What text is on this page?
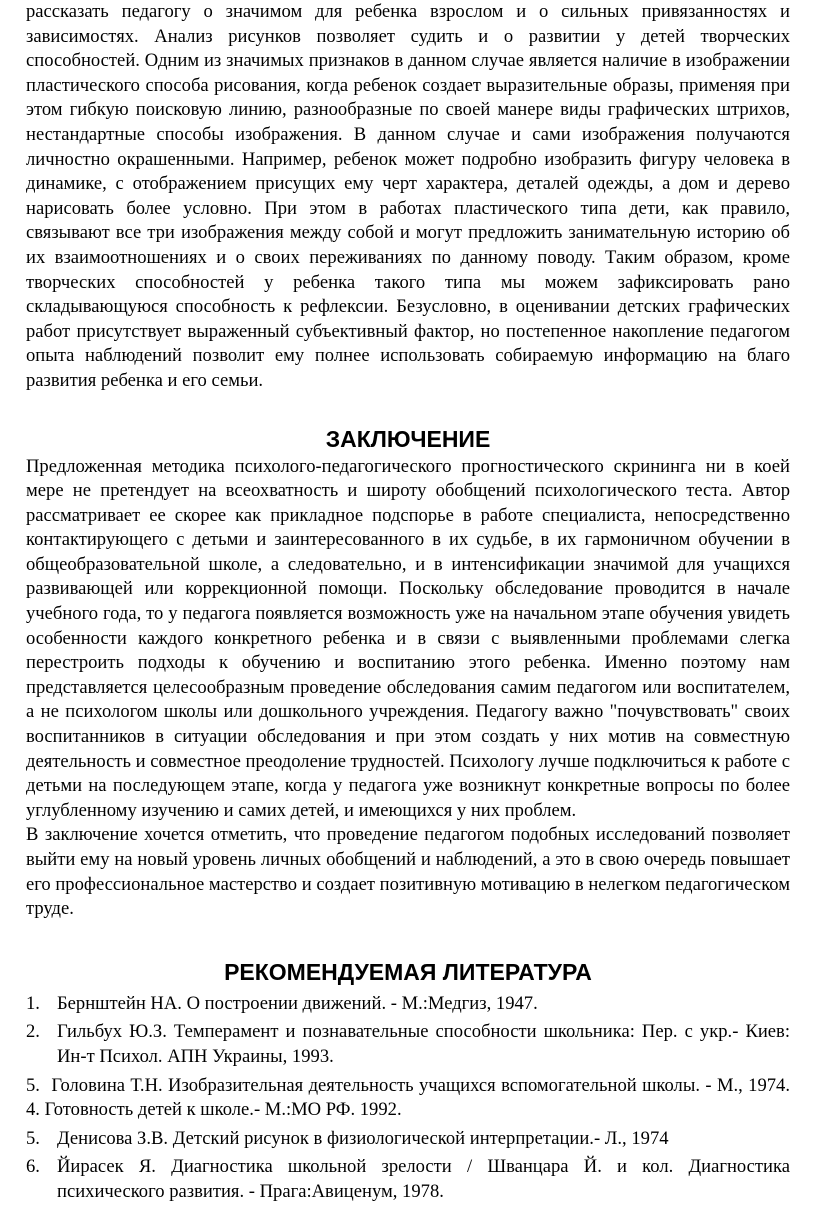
рассказать педагогу о значимом для ребенка взрослом и о сильных привязанностях и зависимостях. Анализ рисунков позволяет судить и о развитии у детей творческих способностей. Одним из значимых признаков в данном случае является наличие в изображении пластического способа рисования, когда ребенок создает выразительные образы, применяя при этом гибкую поисковую линию, разнообразные по своей манере виды графических штрихов, нестандартные способы изображения. В данном случае и сами изображения получаются личностно окрашенными. Например, ребенок может подробно изобразить фигуру человека в динамике, с отображением присущих ему черт характера, деталей одежды, а дом и дерево нарисовать более условно. При этом в работах пластического типа дети, как правило, связывают все три изображения между собой и могут предложить занимательную историю об их взаимоотношениях и о своих переживаниях по данному поводу. Таким образом, кроме творческих способностей у ребенка такого типа мы можем зафиксировать рано складывающуюся способность к рефлексии. Безусловно, в оценивании детских графических работ присутствует выраженный субъективный фактор, но постепенное накопление педагогом опыта наблюдений позволит ему полнее использовать собираемую информацию на благо развития ребенка и его семьи.

ЗАКЛЮЧЕНИЕ

Предложенная методика психолого-педагогического прогностического скрининга ни в коей мере не претендует на всеохватность и широту обобщений психологического теста. Автор рассматривает ее скорее как прикладное подспорье в работе специалиста, непосредственно контактирующего с детьми и заинтересованного в их судьбе, в их гармоничном обучении в общеобразовательной школе, а следовательно, и в интенсификации значимой для учащихся развивающей или коррекционной помощи. Поскольку обследование проводится в начале учебного года, то у педагога появляется возможность уже на начальном этапе обучения увидеть особенности каждого конкретного ребенка и в связи с выявленными проблемами слегка перестроить подходы к обучению и воспитанию этого ребенка. Именно поэтому нам представляется целесообразным проведение обследования самим педагогом или воспитателем, а не психологом школы или дошкольного учреждения. Педагогу важно "почувствовать" своих воспитанников в ситуации обследования и при этом создать у них мотив на совместную деятельность и совместное преодоление трудностей. Психологу лучше подключиться к работе с детьми на последующем этапе, когда у педагога уже возникнут конкретные вопросы по более углубленному изучению и самих детей, и имеющихся у них проблем.

В заключение хочется отметить, что проведение педагогом подобных исследований позволяет выйти ему на новый уровень личных обобщений и наблюдений, а это в свою очередь повышает его профессиональное мастерство и создает позитивную мотивацию в нелегком педагогическом труде.

РЕКОМЕНДУЕМАЯ ЛИТЕРАТУРА
1. Бернштейн НА. О построении движений. - М.:Медгиз, 1947.
2. Гильбух Ю.З. Темперамент и познавательные способности школьника: Пер. с укр.- Киев: Ин-т Психол. АПН Украины, 1993.
5. Головина Т.Н. Изобразительная деятельность учащихся вспомогательной школы. - М., 1974. 4. Готовность детей к школе.- М.:МО РФ. 1992.
5. Денисова З.В. Детский рисунок в физиологической интерпретации.- Л., 1974
6. Йирасек Я. Диагностика школьной зрелости / Шванцара Й. и кол. Диагностика психического развития. - Прага:Авиценум, 1978.
